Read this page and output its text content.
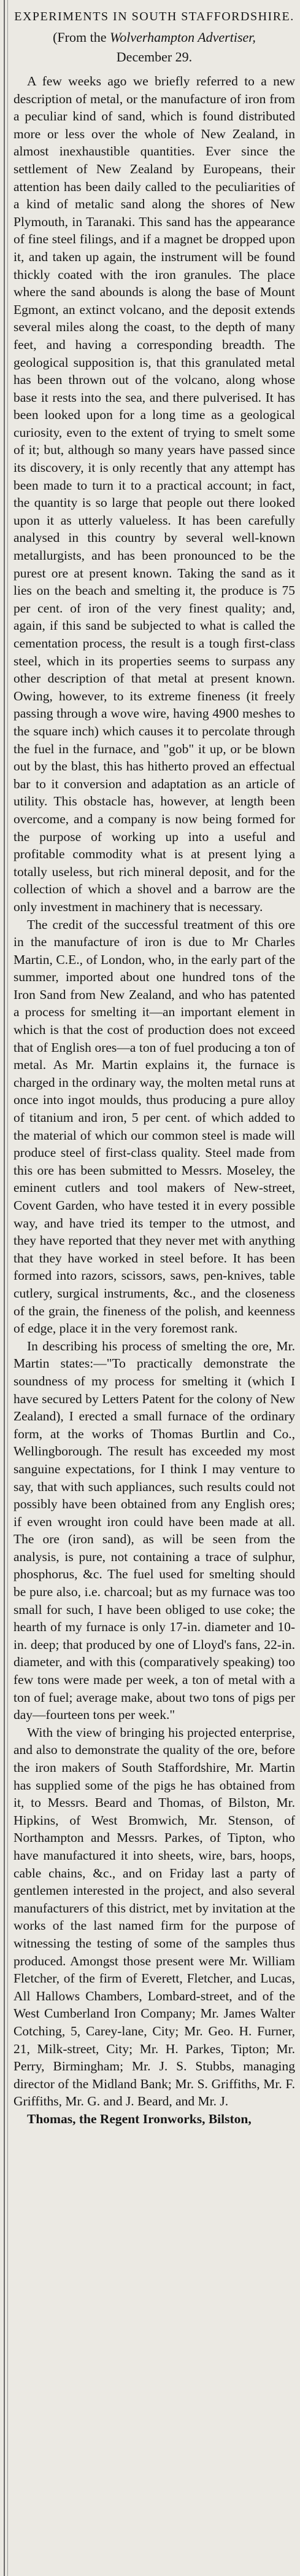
EXPERIMENTS IN SOUTH STAFFORDSHIRE.
(From the Wolverhampton Advertiser,
December 29.

A few weeks ago we briefly referred to a new description of metal, or the manufacture of iron from a peculiar kind of sand, which is found distributed more or less over the whole of New Zealand, in almost inexhaustible quantities. Ever since the settlement of New Zealand by Europeans, their attention has been daily called to the peculiarities of a kind of metalic sand along the shores of New Plymouth, in Taranaki. This sand has the appearance of fine steel filings, and if a magnet be dropped upon it, and taken up again, the instrument will be found thickly coated with the iron granules. The place where the sand abounds is along the base of Mount Egmont, an extinct volcano, and the deposit extends several miles along the coast, to the depth of many feet, and having a corresponding breadth. The geological supposition is, that this granulated metal has been thrown out of the volcano, along whose base it rests into the sea, and there pulverised. It has been looked upon for a long time as a geological curiosity, even to the extent of trying to smelt some of it; but, although so many years have passed since its discovery, it is only recently that any attempt has been made to turn it to a practical account; in fact, the quantity is so large that people out there looked upon it as utterly valueless. It has been carefully analysed in this country by several well-known metallurgists, and has been pronounced to be the purest ore at present known. Taking the sand as it lies on the beach and smelting it, the produce is 75 per cent. of iron of the very finest quality; and, again, if this sand be subjected to what is called the cementation process, the result is a tough first-class steel, which in its properties seems to surpass any other description of that metal at present known. Owing, however, to its extreme fineness (it freely passing through a wove wire, having 4900 meshes to the square inch) which causes it to percolate through the fuel in the furnace, and "gob" it up, or be blown out by the blast, this has hitherto proved an effectual bar to it conversion and adaptation as an article of utility. This obstacle has, however, at length been overcome, and a company is now being formed for the purpose of working up into a useful and profitable commodity what is at present lying a totally useless, but rich mineral deposit, and for the collection of which a shovel and a barrow are the only investment in machinery that is necessary.

The credit of the successful treatment of this ore in the manufacture of iron is due to Mr Charles Martin, C.E., of London, who, in the early part of the summer, imported about one hundred tons of the Iron Sand from New Zealand, and who has patented a process for smelting it—an important element in which is that the cost of production does not exceed that of English ores—a ton of fuel producing a ton of metal. As Mr. Martin explains it, the furnace is charged in the ordinary way, the molten metal runs at once into ingot moulds, thus producing a pure alloy of titanium and iron, 5 per cent. of which added to the material of which our common steel is made will produce steel of first-class quality. Steel made from this ore has been submitted to Messrs. Moseley, the eminent cutlers and tool makers of New-street, Covent Garden, who have tested it in every possible way, and have tried its temper to the utmost, and they have reported that they never met with anything that they have worked in steel before. It has been formed into razors, scissors, saws, pen-knives, table cutlery, surgical instruments, &c., and the closeness of the grain, the fineness of the polish, and keenness of edge, place it in the very foremost rank.

In describing his process of smelting the ore, Mr. Martin states:—"To practically demonstrate the soundness of my process for smelting it (which I have secured by Letters Patent for the colony of New Zealand), I erected a small furnace of the ordinary form, at the works of Thomas Burtlin and Co., Wellingborough. The result has exceeded my most sanguine expectations, for I think I may venture to say, that with such appliances, such results could not possibly have been obtained from any English ores; if even wrought iron could have been made at all. The ore (iron sand), as will be seen from the analysis, is pure, not containing a trace of sulphur, phosphorus, &c. The fuel used for smelting should be pure also, i.e. charcoal; but as my furnace was too small for such, I have been obliged to use coke; the hearth of my furnace is only 17-in. diameter and 10-in. deep; that produced by one of Lloyd's fans, 22-in. diameter, and with this (comparatively speaking) too few tons were made per week, a ton of metal with a ton of fuel; average make, about two tons of pigs per day—fourteen tons per week."

With the view of bringing his projected enterprise, and also to demonstrate the quality of the ore, before the iron makers of South Staffordshire, Mr. Martin has supplied some of the pigs he has obtained from it, to Messrs. Beard and Thomas, of Bilston, Mr. Hipkins, of West Bromwich, Mr. Stenson, of Northampton and Messrs. Parkes, of Tipton, who have manufactured it into sheets, wire, bars, hoops, cable chains, &c., and on Friday last a party of gentlemen interested in the project, and also several manufacturers of this district, met by invitation at the works of the last named firm for the purpose of witnessing the testing of some of the samples thus produced. Amongst those present were Mr. William Fletcher, of the firm of Everett, Fletcher, and Lucas, All Hallows Chambers, Lombard-street, and of the West Cumberland Iron Company; Mr. James Walter Cotching, 5, Carey-lane, City; Mr. Geo. H. Furner, 21, Milk-street, City; Mr. H. Parkes, Tipton; Mr. Perry, Birmingham; Mr. J. S. Stubbs, managing director of the Midland Bank; Mr. S. Griffiths, Mr. F. Griffiths, Mr. G. and J. Beard, and Mr. J.

Thomas, the Regent Ironworks, Bilston,
